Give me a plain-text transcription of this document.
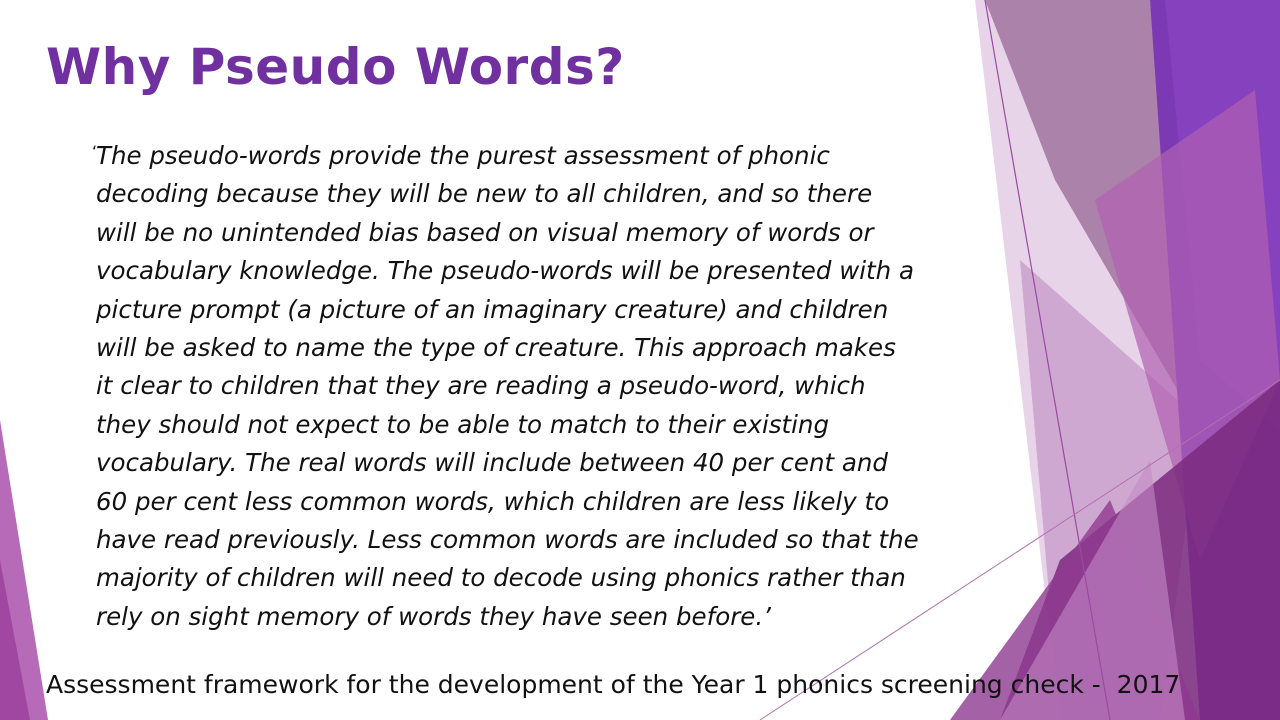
Why Pseudo Words?
‘

The pseudo-words provide the purest assessment of phonic
decoding because they will be new to all children, and so there
will be no unintended bias based on visual memory of words or
vocabulary knowledge. The pseudo-words will be presented with a
picture prompt (a picture of an imaginary creature) and children
will be asked to name the type of creature. This approach makes
it clear to children that they are reading a pseudo-word, which
they should not expect to be able to match to their existing
vocabulary. The real words will include between 40 per cent and
60 per cent less common words, which children are less likely to
have read previously. Less common words are included so that the
majority of children will need to decode using phonics rather than
rely on sight memory of words they have seen before.’

Assessment framework for the development of the Year 1 phonics screening check -  2017
